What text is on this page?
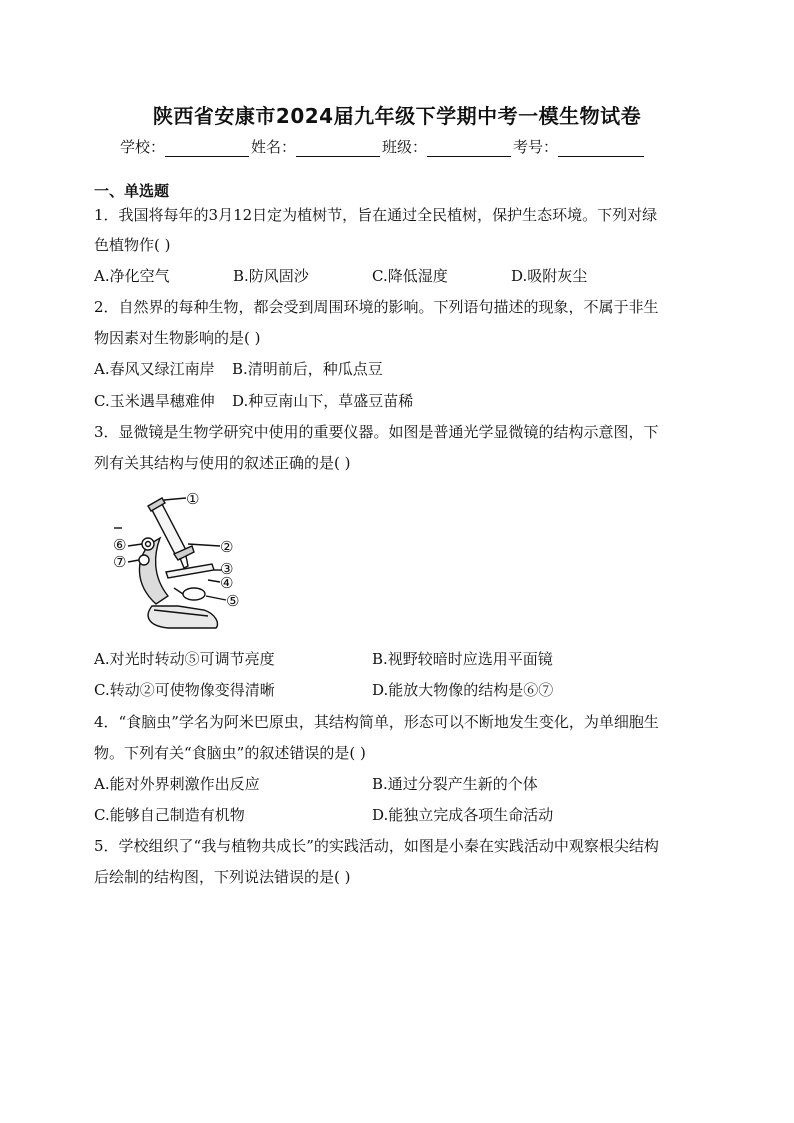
陕西省安康市2024届九年级下学期中考一模生物试卷
学校：	姓名：	班级：	考号：
一、单选题
1．我国将每年的3月12日定为植树节，旨在通过全民植树，保护生态环境。下列对绿
色植物作( )
A.净化空气	B.防风固沙	C.降低湿度	D.吸附灰尘
2．自然界的每种生物，都会受到周围环境的影响。下列语句描述的现象，不属于非生
物因素对生物影响的是( )
A.春风又绿江南岸 B.清明前后，种瓜点豆
C.玉米遇旱穗难伸 D.种豆南山下，草盛豆苗稀
3．显微镜是生物学研究中使用的重要仪器。如图是普通光学显微镜的结构示意图，下
列有关其结构与使用的叙述正确的是( )
①
②
③
④
⑤
⑥
⑦
A.对光时转动⑤可调节亮度	B.视野较暗时应选用平面镜
C.转动②可使物像变得清晰	D.能放大物像的结构是⑥⑦
4．“食脑虫”学名为阿米巴原虫，其结构简单，形态可以不断地发生变化，为单细胞生
物。下列有关“食脑虫”的叙述错误的是( )
A.能对外界刺激作出反应	B.通过分裂产生新的个体
C.能够自己制造有机物	D.能独立完成各项生命活动
5．学校组织了“我与植物共成长”的实践活动，如图是小秦在实践活动中观察根尖结构
后绘制的结构图，下列说法错误的是( )
